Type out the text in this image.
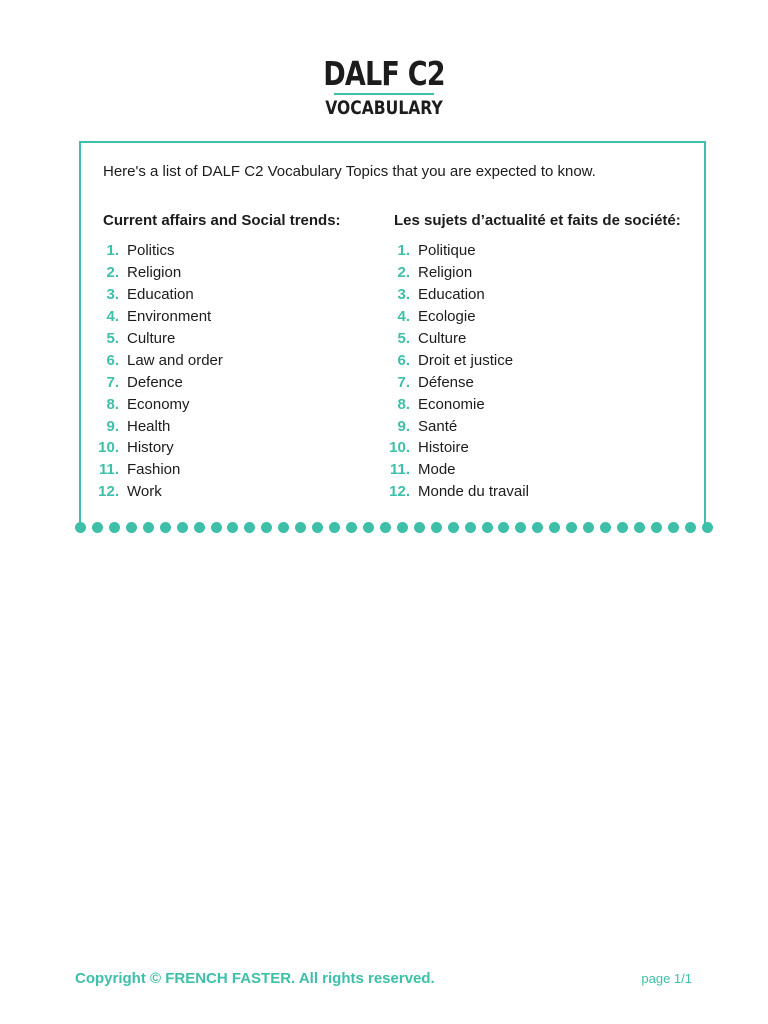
DALF C2
VOCABULARY
Here's a list of DALF C2 Vocabulary Topics that you are expected to know.
Current affairs and Social trends:
1. Politics
2. Religion
3. Education
4. Environment
5. Culture
6. Law and order
7. Defence
8. Economy
9. Health
10. History
11. Fashion
12. Work
Les sujets d’actualité et faits de société:
1. Politique
2. Religion
3. Education
4. Ecologie
5. Culture
6. Droit et justice
7. Défense
8. Economie
9. Santé
10. Histoire
11. Mode
12. Monde du travail
Copyright © FRENCH FASTER. All rights reserved.	page 1/1
